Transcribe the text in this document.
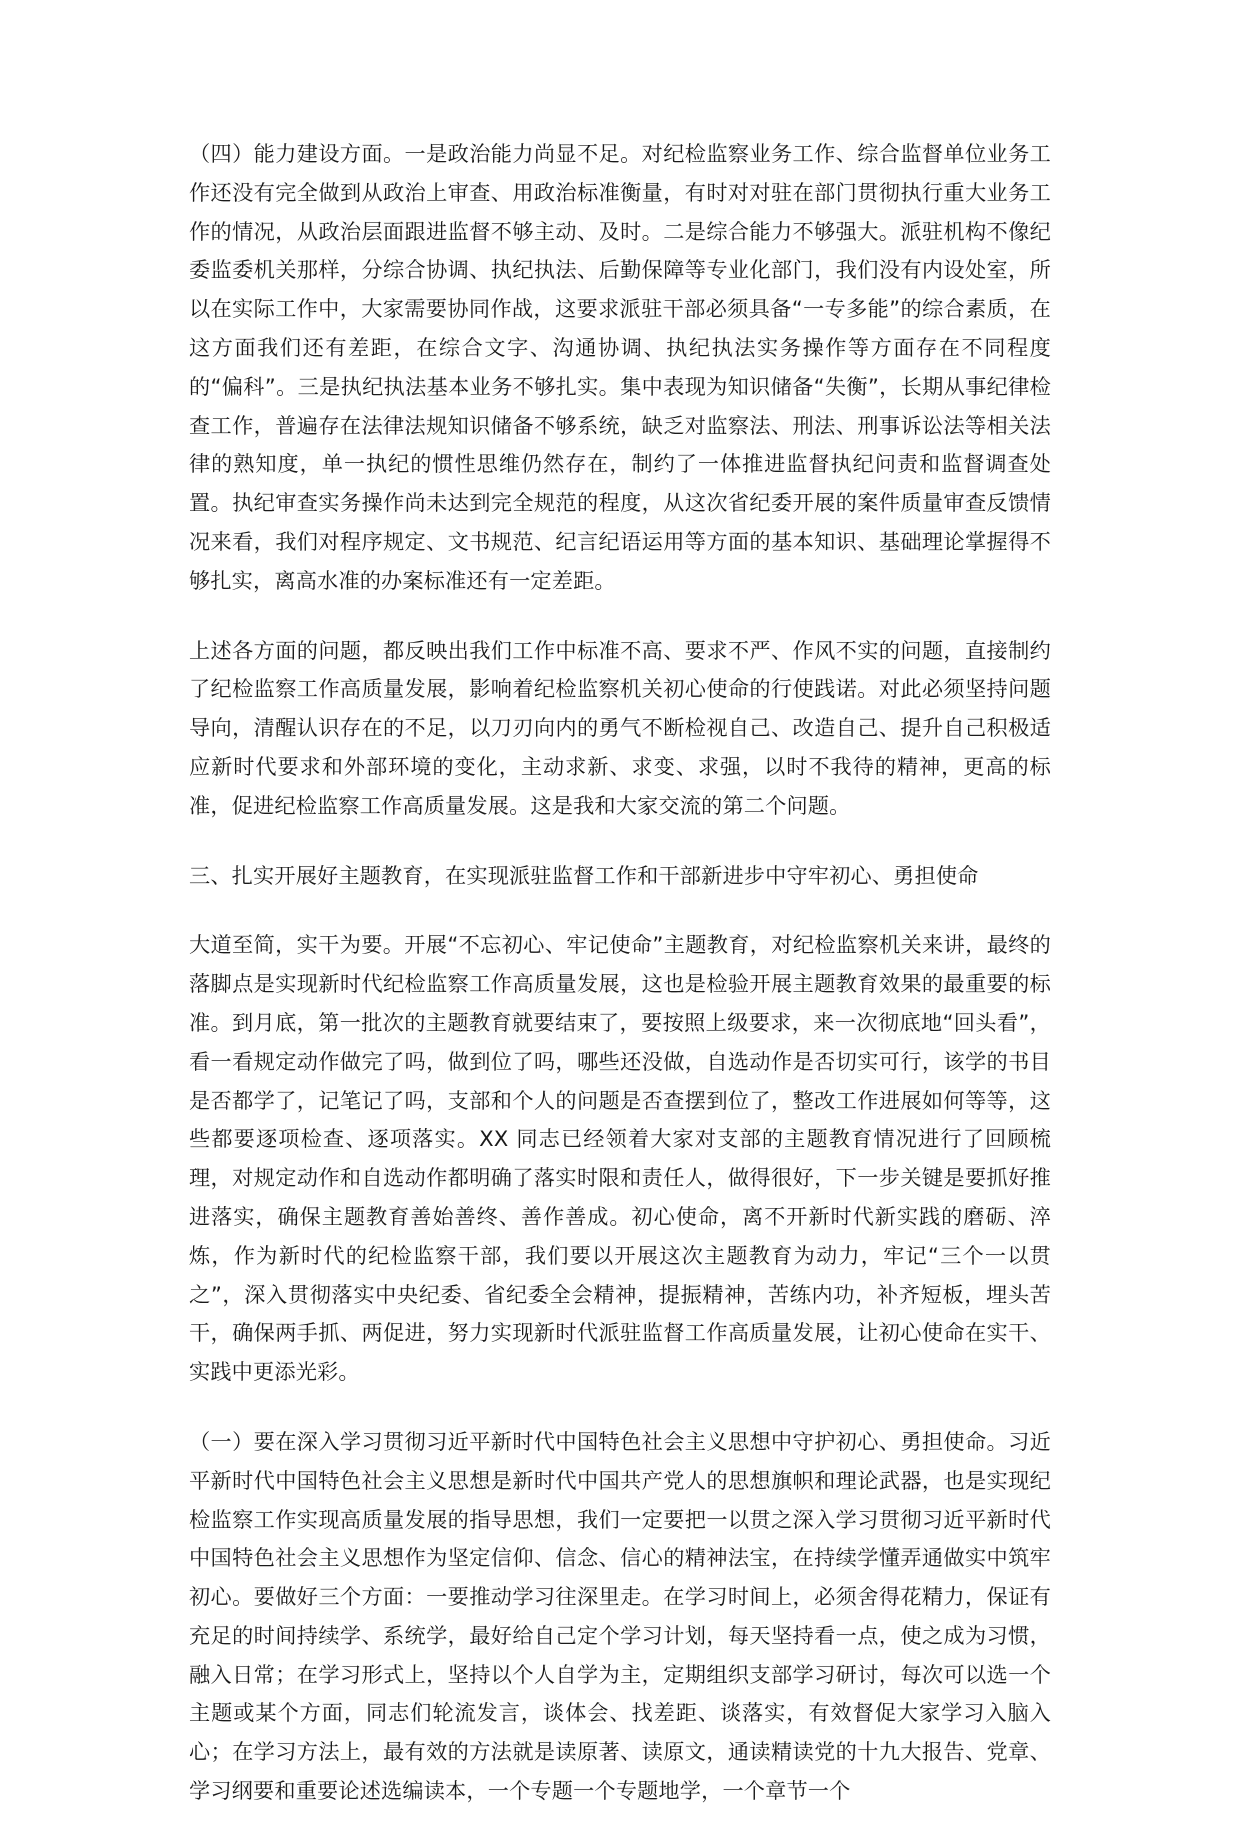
（四）能力建设方面。一是政治能力尚显不足。对纪检监察业务工作、综合监督单位业务工作还没有完全做到从政治上审查、用政治标准衡量，有时对对驻在部门贯彻执行重大业务工作的情况，从政治层面跟进监督不够主动、及时。二是综合能力不够强大。派驻机构不像纪委监委机关那样，分综合协调、执纪执法、后勤保障等专业化部门，我们没有内设处室，所以在实际工作中，大家需要协同作战，这要求派驻干部必须具备“一专多能”的综合素质，在这方面我们还有差距，在综合文字、沟通协调、执纪执法实务操作等方面存在不同程度的“偏科”。三是执纪执法基本业务不够扎实。集中表现为知识储备“失衡”，长期从事纪律检查工作，普遍存在法律法规知识储备不够系统，缺乏对监察法、刑法、刑事诉讼法等相关法律的熟知度，单一执纪的惯性思维仍然存在，制约了一体推进监督执纪问责和监督调查处置。执纪审查实务操作尚未达到完全规范的程度，从这次省纪委开展的案件质量审查反馈情况来看，我们对程序规定、文书规范、纪言纪语运用等方面的基本知识、基础理论掌握得不够扎实，离高水准的办案标准还有一定差距。

上述各方面的问题，都反映出我们工作中标准不高、要求不严、作风不实的问题，直接制约了纪检监察工作高质量发展，影响着纪检监察机关初心使命的行使践诺。对此必须坚持问题导向，清醒认识存在的不足，以刀刃向内的勇气不断检视自己、改造自己、提升自己积极适应新时代要求和外部环境的变化，主动求新、求变、求强，以时不我待的精神，更高的标准，促进纪检监察工作高质量发展。这是我和大家交流的第二个问题。

三、扎实开展好主题教育，在实现派驻监督工作和干部新进步中守牢初心、勇担使命

大道至简，实干为要。开展“不忘初心、牢记使命”主题教育，对纪检监察机关来讲，最终的落脚点是实现新时代纪检监察工作高质量发展，这也是检验开展主题教育效果的最重要的标准。到月底，第一批次的主题教育就要结束了，要按照上级要求，来一次彻底地“回头看”，看一看规定动作做完了吗，做到位了吗，哪些还没做，自选动作是否切实可行，该学的书目是否都学了，记笔记了吗，支部和个人的问题是否查摆到位了，整改工作进展如何等等，这些都要逐项检查、逐项落实。XX 同志已经领着大家对支部的主题教育情况进行了回顾梳理，对规定动作和自选动作都明确了落实时限和责任人，做得很好，下一步关键是要抓好推进落实，确保主题教育善始善终、善作善成。初心使命，离不开新时代新实践的磨砺、淬炼，作为新时代的纪检监察干部，我们要以开展这次主题教育为动力，牢记“三个一以贯之”，深入贯彻落实中央纪委、省纪委全会精神，提振精神，苦练内功，补齐短板，埋头苦干，确保两手抓、两促进，努力实现新时代派驻监督工作高质量发展，让初心使命在实干、实践中更添光彩。

（一）要在深入学习贯彻习近平新时代中国特色社会主义思想中守护初心、勇担使命。习近平新时代中国特色社会主义思想是新时代中国共产党人的思想旗帜和理论武器，也是实现纪检监察工作实现高质量发展的指导思想，我们一定要把一以贯之深入学习贯彻习近平新时代中国特色社会主义思想作为坚定信仰、信念、信心的精神法宝，在持续学懂弄通做实中筑牢初心。要做好三个方面：一要推动学习往深里走。在学习时间上，必须舍得花精力，保证有充足的时间持续学、系统学，最好给自己定个学习计划，每天坚持看一点，使之成为习惯，融入日常；在学习形式上，坚持以个人自学为主，定期组织支部学习研讨，每次可以选一个主题或某个方面，同志们轮流发言，谈体会、找差距、谈落实，有效督促大家学习入脑入心；在学习方法上，最有效的方法就是读原著、读原文，通读精读党的十九大报告、党章、学习纲要和重要论述选编读本，一个专题一个专题地学，一个章节一个
